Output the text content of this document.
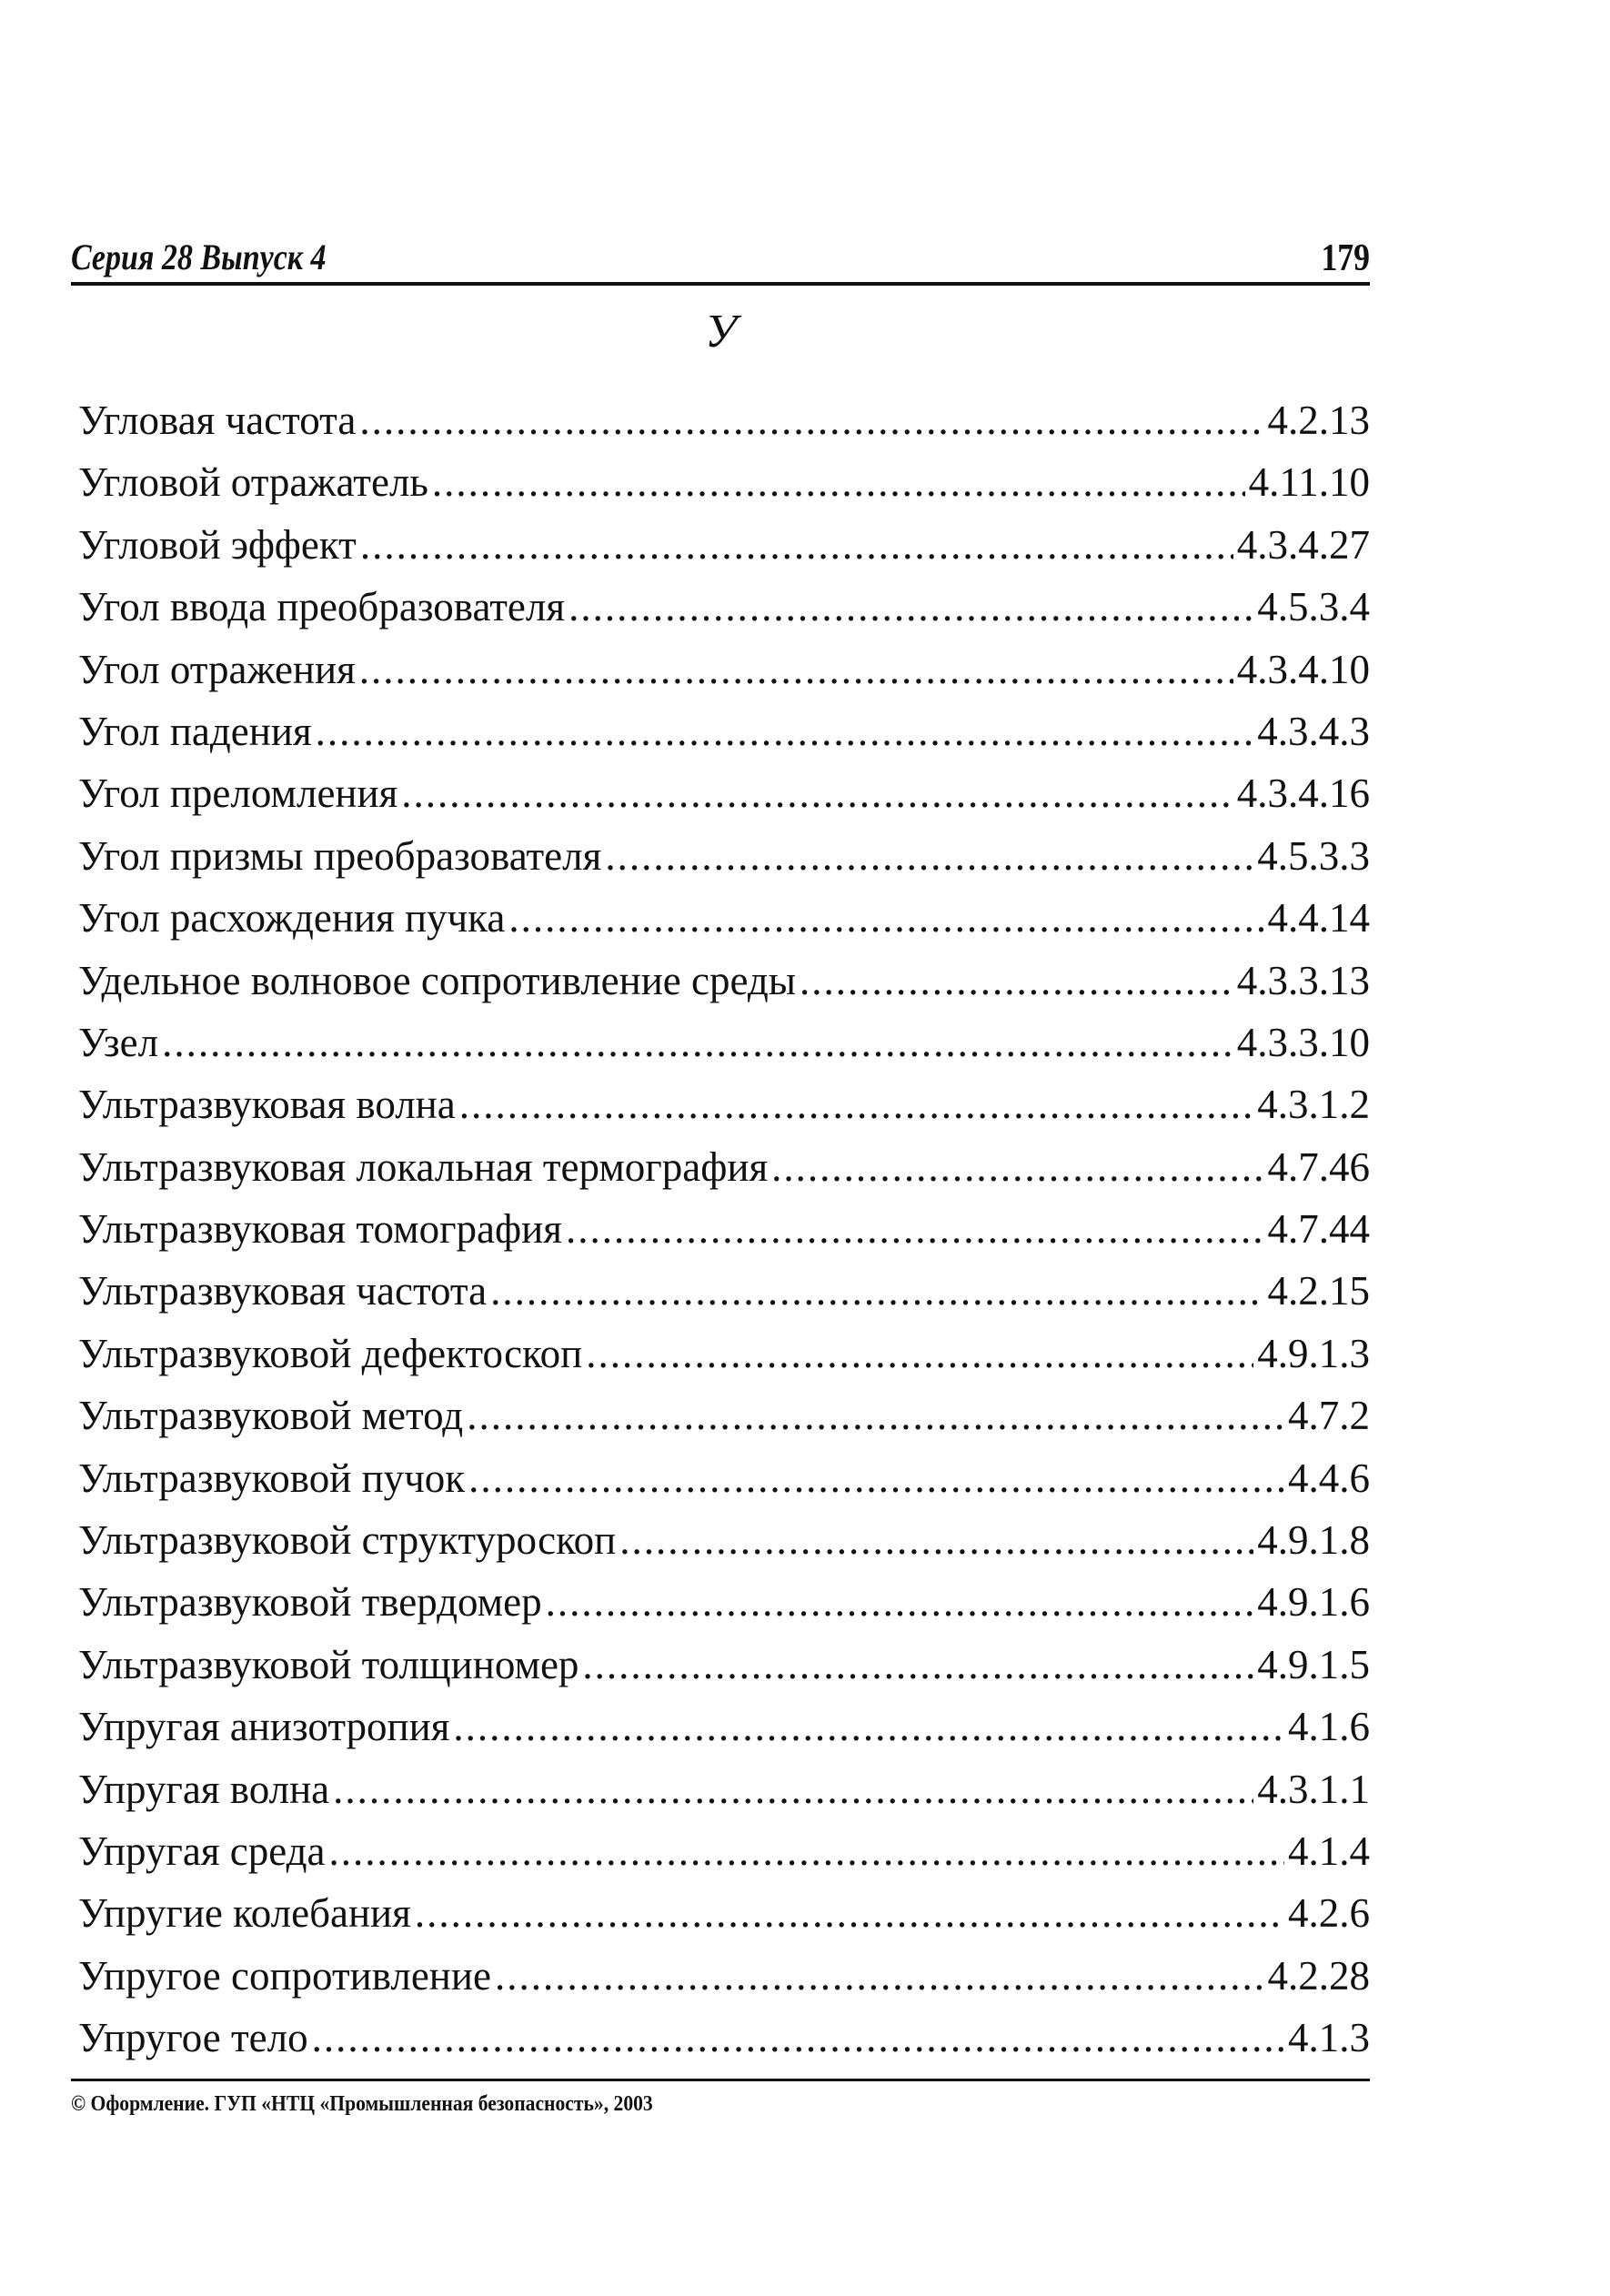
Серия 28 Выпуск 4	179
У
Угловая частота .....	4.2.13
Угловой отражатель .....	4.11.10
Угловой эффект .....	4.3.4.27
Угол ввода преобразователя .....	4.5.3.4
Угол отражения .....	4.3.4.10
Угол падения .....	4.3.4.3
Угол преломления .....	4.3.4.16
Угол призмы преобразователя .....	4.5.3.3
Угол расхождения пучка .....	4.4.14
Удельное волновое сопротивление среды .....	4.3.3.13
Узел .....	4.3.3.10
Ультразвуковая волна .....	4.3.1.2
Ультразвуковая локальная термография .....	4.7.46
Ультразвуковая томография .....	4.7.44
Ультразвуковая частота .....	4.2.15
Ультразвуковой дефектоскоп .....	4.9.1.3
Ультразвуковой метод .....	4.7.2
Ультразвуковой пучок .....	4.4.6
Ультразвуковой структуроскоп .....	4.9.1.8
Ультразвуковой твердомер .....	4.9.1.6
Ультразвуковой толщиномер .....	4.9.1.5
Упругая анизотропия .....	4.1.6
Упругая волна .....	4.3.1.1
Упругая среда .....	4.1.4
Упругие колебания .....	4.2.6
Упругое сопротивление .....	4.2.28
Упругое тело .....	4.1.3
© Оформление. ГУП «НТЦ «Промышленная безопасность», 2003
